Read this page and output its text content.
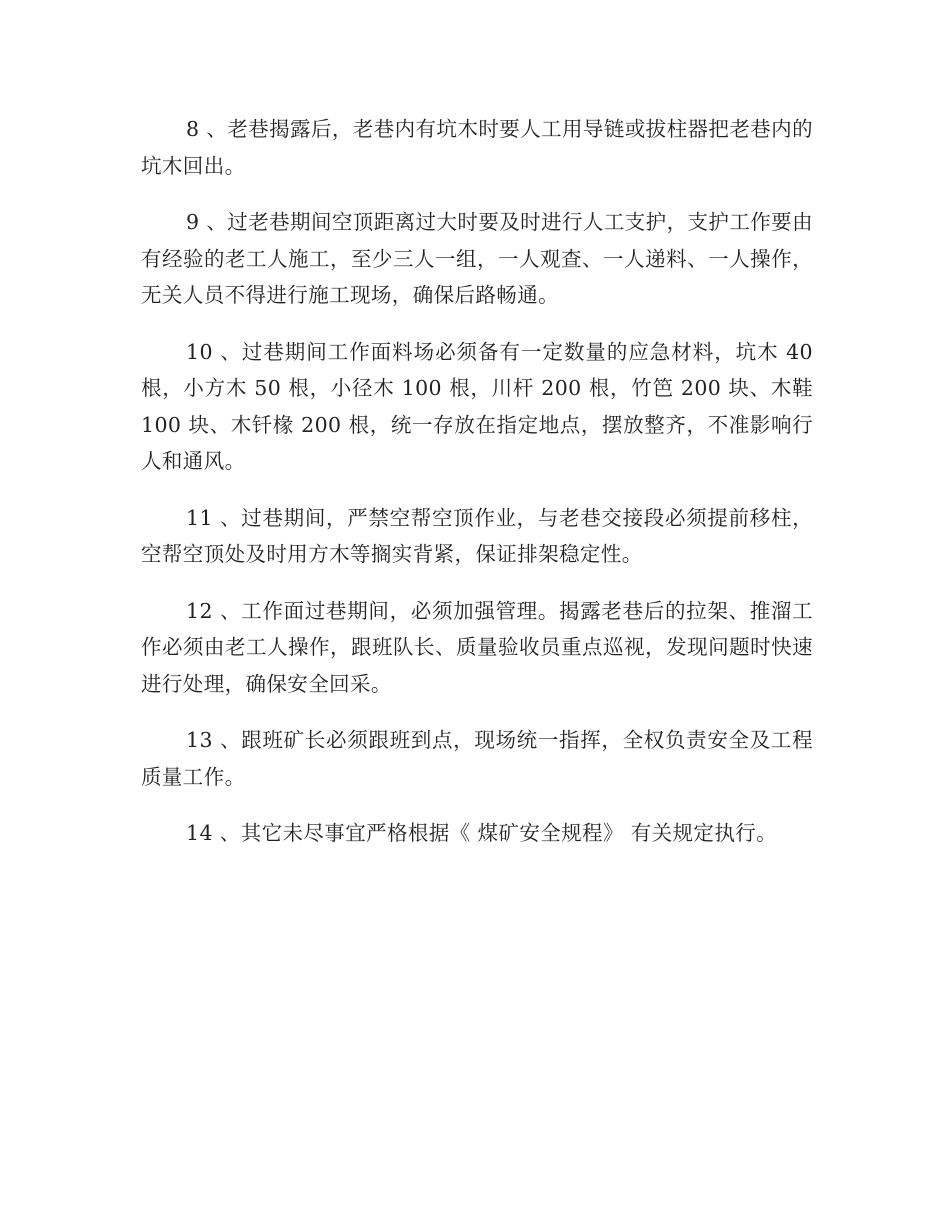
8 、老巷揭露后，老巷内有坑木时要人工用导链或拔柱器把老巷内的坑木回出。

9 、过老巷期间空顶距离过大时要及时进行人工支护，支护工作要由有经验的老工人施工，至少三人一组，一人观查、一人递料、一人操作，无关人员不得进行施工现场，确保后路畅通。

10 、过巷期间工作面料场必须备有一定数量的应急材料，坑木 40 根，小方木 50 根，小径木 100 根，川杆 200 根，竹笆 200 块、木鞋 100 块、木钎椽 200 根，统一存放在指定地点，摆放整齐，不准影响行人和通风。

11 、过巷期间，严禁空帮空顶作业，与老巷交接段必须提前移柱，空帮空顶处及时用方木等搁实背紧，保证排架稳定性。

12 、工作面过巷期间，必须加强管理。揭露老巷后的拉架、推溜工作必须由老工人操作，跟班队长、质量验收员重点巡视，发现问题时快速进行处理，确保安全回采。

13 、跟班矿长必须跟班到点，现场统一指挥，全权负责安全及工程质量工作。

14 、其它未尽事宜严格根据《 煤矿安全规程》 有关规定执行。
